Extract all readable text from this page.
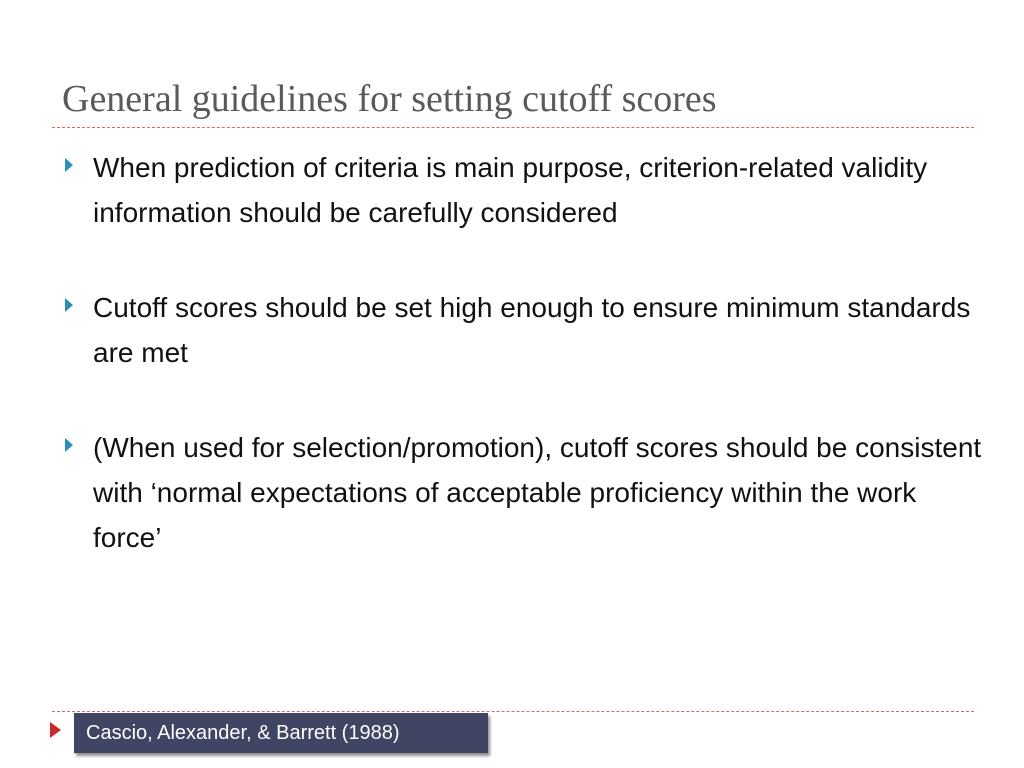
General guidelines for setting cutoff scores
When prediction of criteria is main purpose, criterion-related validity information should be carefully considered
Cutoff scores should be set high enough to ensure minimum standards are met
(When used for selection/promotion), cutoff scores should be consistent with ‘normal expectations of acceptable proficiency within the work force’
Cascio, Alexander, & Barrett (1988)
